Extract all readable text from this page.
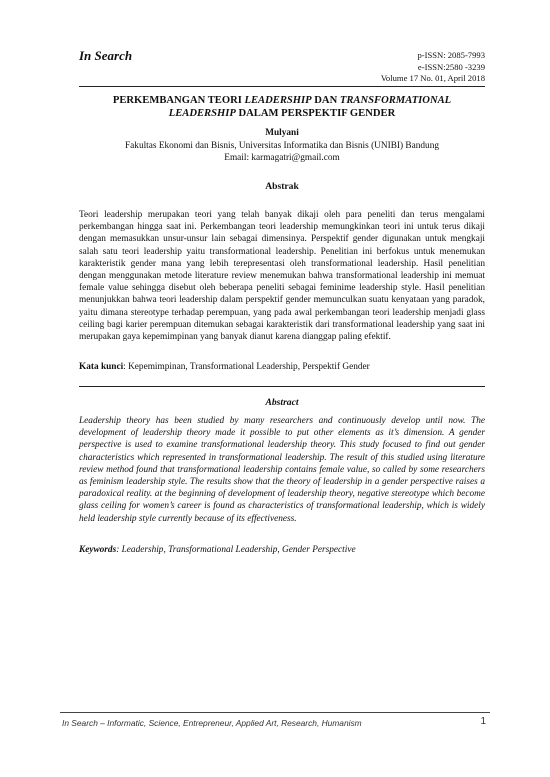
In Search	p-ISSN: 2085-7993
e-ISSN:2580 -3239
Volume 17 No. 01, April 2018
PERKEMBANGAN TEORI LEADERSHIP DAN TRANSFORMATIONAL
LEADERSHIP DALAM PERSPEKTIF GENDER
Mulyani
Fakultas Ekonomi dan Bisnis, Universitas Informatika dan Bisnis (UNIBI) Bandung
Email: karmagatri@gmail.com
Abstrak
Teori leadership merupakan teori yang telah banyak dikaji oleh para peneliti dan terus mengalami perkembangan hingga saat ini. Perkembangan teori leadership memungkinkan teori ini untuk terus dikaji dengan memasukkan unsur-unsur lain sebagai dimensinya. Perspektif gender digunakan untuk mengkaji salah satu teori leadership yaitu transformational leadership. Penelitian ini berfokus untuk menemukan karakteristik gender mana yang lebih terepresentasi oleh transformational leadership. Hasil penelitian dengan menggunakan metode literature review menemukan bahwa transformational leadership ini memuat female value sehingga disebut oleh beberapa peneliti sebagai feminime leadership style. Hasil penelitian menunjukkan bahwa teori leadership dalam perspektif gender memunculkan suatu kenyataan yang paradok, yaitu dimana stereotype terhadap perempuan, yang pada awal perkembangan teori leadership menjadi glass ceiling bagi karier perempuan ditemukan sebagai karakteristik dari transformational leadership yang saat ini merupakan gaya kepemimpinan yang banyak dianut karena dianggap paling efektif.
Kata kunci: Kepemimpinan, Transformational Leadership, Perspektif Gender
Abstract
Leadership theory has been studied by many researchers and continuously develop until now. The development of leadership theory made it possible to put other elements as it’s dimension. A gender perspective is used to examine transformational leadership theory. This study focused to find out gender characteristics which represented in transformational leadership. The result of this studied using literature review method found that transformational leadership contains female value, so called by some researchers as feminism leadership style. The results show that the theory of leadership in a gender perspective raises a paradoxical reality. at the beginning of development of leadership theory, negative stereotype which become glass ceiling for women’s career is found as characteristics of transformational leadership, which is widely held leadership style currently because of its effectiveness.
Keywords: Leadership, Transformational Leadership, Gender Perspective
In Search – Informatic, Science, Entrepreneur, Applied Art, Research, Humanism	1
